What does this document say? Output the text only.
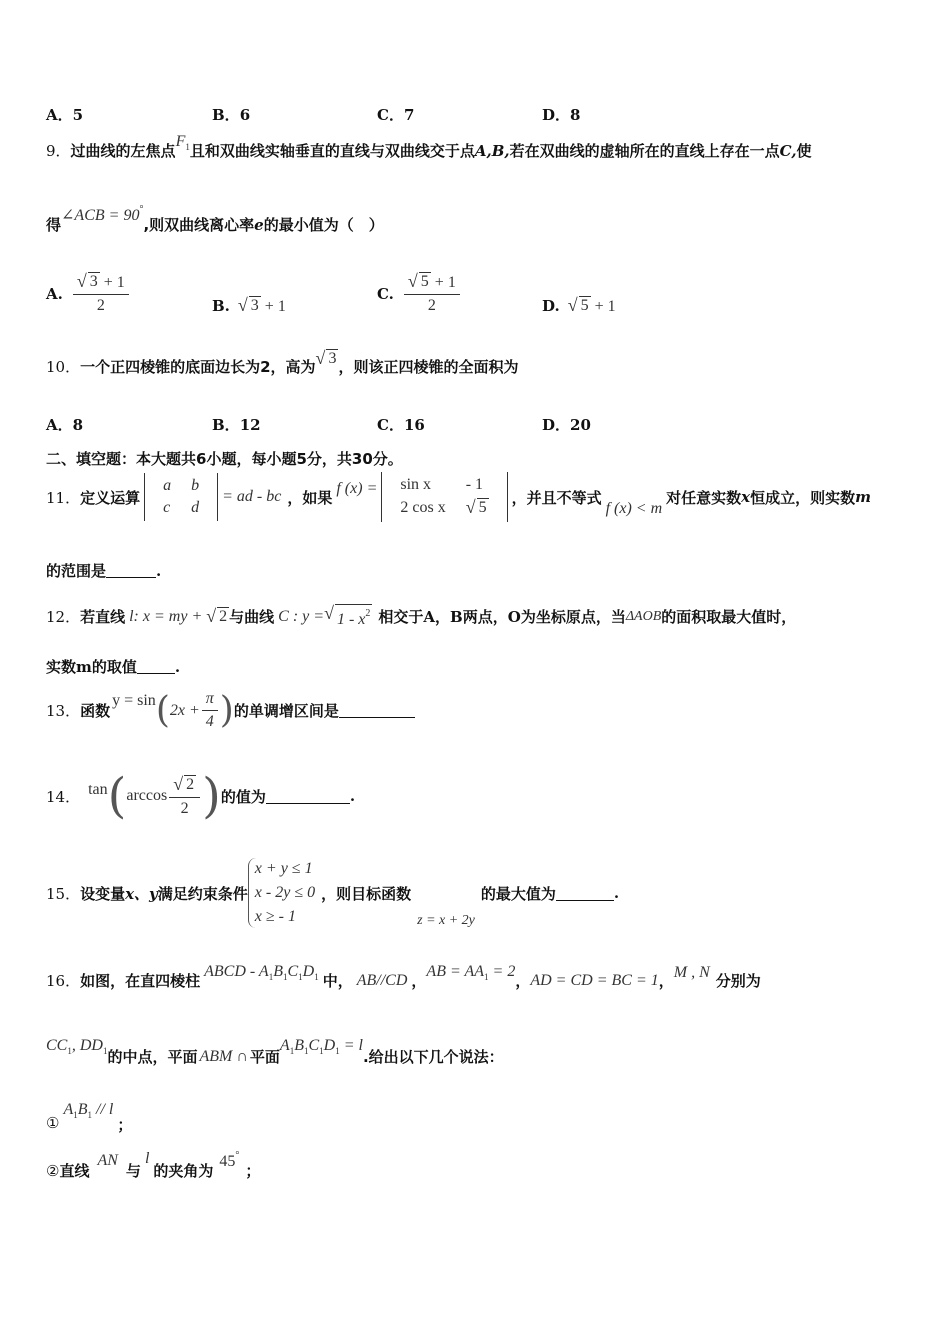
A． 5	B． 6	C． 7	D． 8
9． 过曲线的左焦点
$F_1$ 且和双曲线实轴垂直的直线与双曲线交于点 A,B, 若在双曲线的虚轴所在的直线上存在一点 C, 使
得
∠ACB = 90°
,则双曲线离心率 e 的最小值为（　）
A. $\frac{√ 3 + 1}{2}$	B. √ 3 + 1
C. $\frac{√ 5 + 1}{2}$	D. √ 5 + 1
10． 一个正四棱锥的底面边长为2，高为 √ 3 ，则该正四棱锥的全面积为
A． 8	B． 12	C． 16	D． 20
二、填空题：本大题共6小题，每小题5分，共30分。
11． 定义运算
a	b
c	d
= ad - bc ，如果 f (x) = sin x	- 1
2 cos x	√ 5
，并且不等式
f (x) < m
对任意实数 x 恒成立，则实数 m
的范围是	.
12． 若直线 l: x = my + √ 2 与曲线 C : y = √ $1 - x^2$ 相交于 A，B 两点， O 为坐标原点，当 ΔAOB 的面积取最大值时，
实数 m 的取值	.
13． 函数
y = sin ( $2x + \frac{\pi}{4}$ ) 的单调增区间是
14． tan ( $\arccos \frac{√ 2}{2}$ ) 的值为	.
15． 设变量 x、y 满足约束条件
x + y ≤ 1
x - 2y ≤ 0
x ≥ - 1
，则目标函数
z = x + 2y
的最大值为	.
16． 如图，在直四棱柱
ABCD - $A_1B_1C_1D_1$ 中， AB//CD ，
AB = $AA_1 = 2$
， AD = CD = BC = 1 ， M , N 分别为
$CC_1$, $DD_1$ 的中点，平面 ABM ∩ 平面
$A_1B_1C_1D_1 = l$
.给出以下几个说法：
①
$A_1B_1$ // l
；
② 直线
AN
与
l
的夹角为
45°
；
